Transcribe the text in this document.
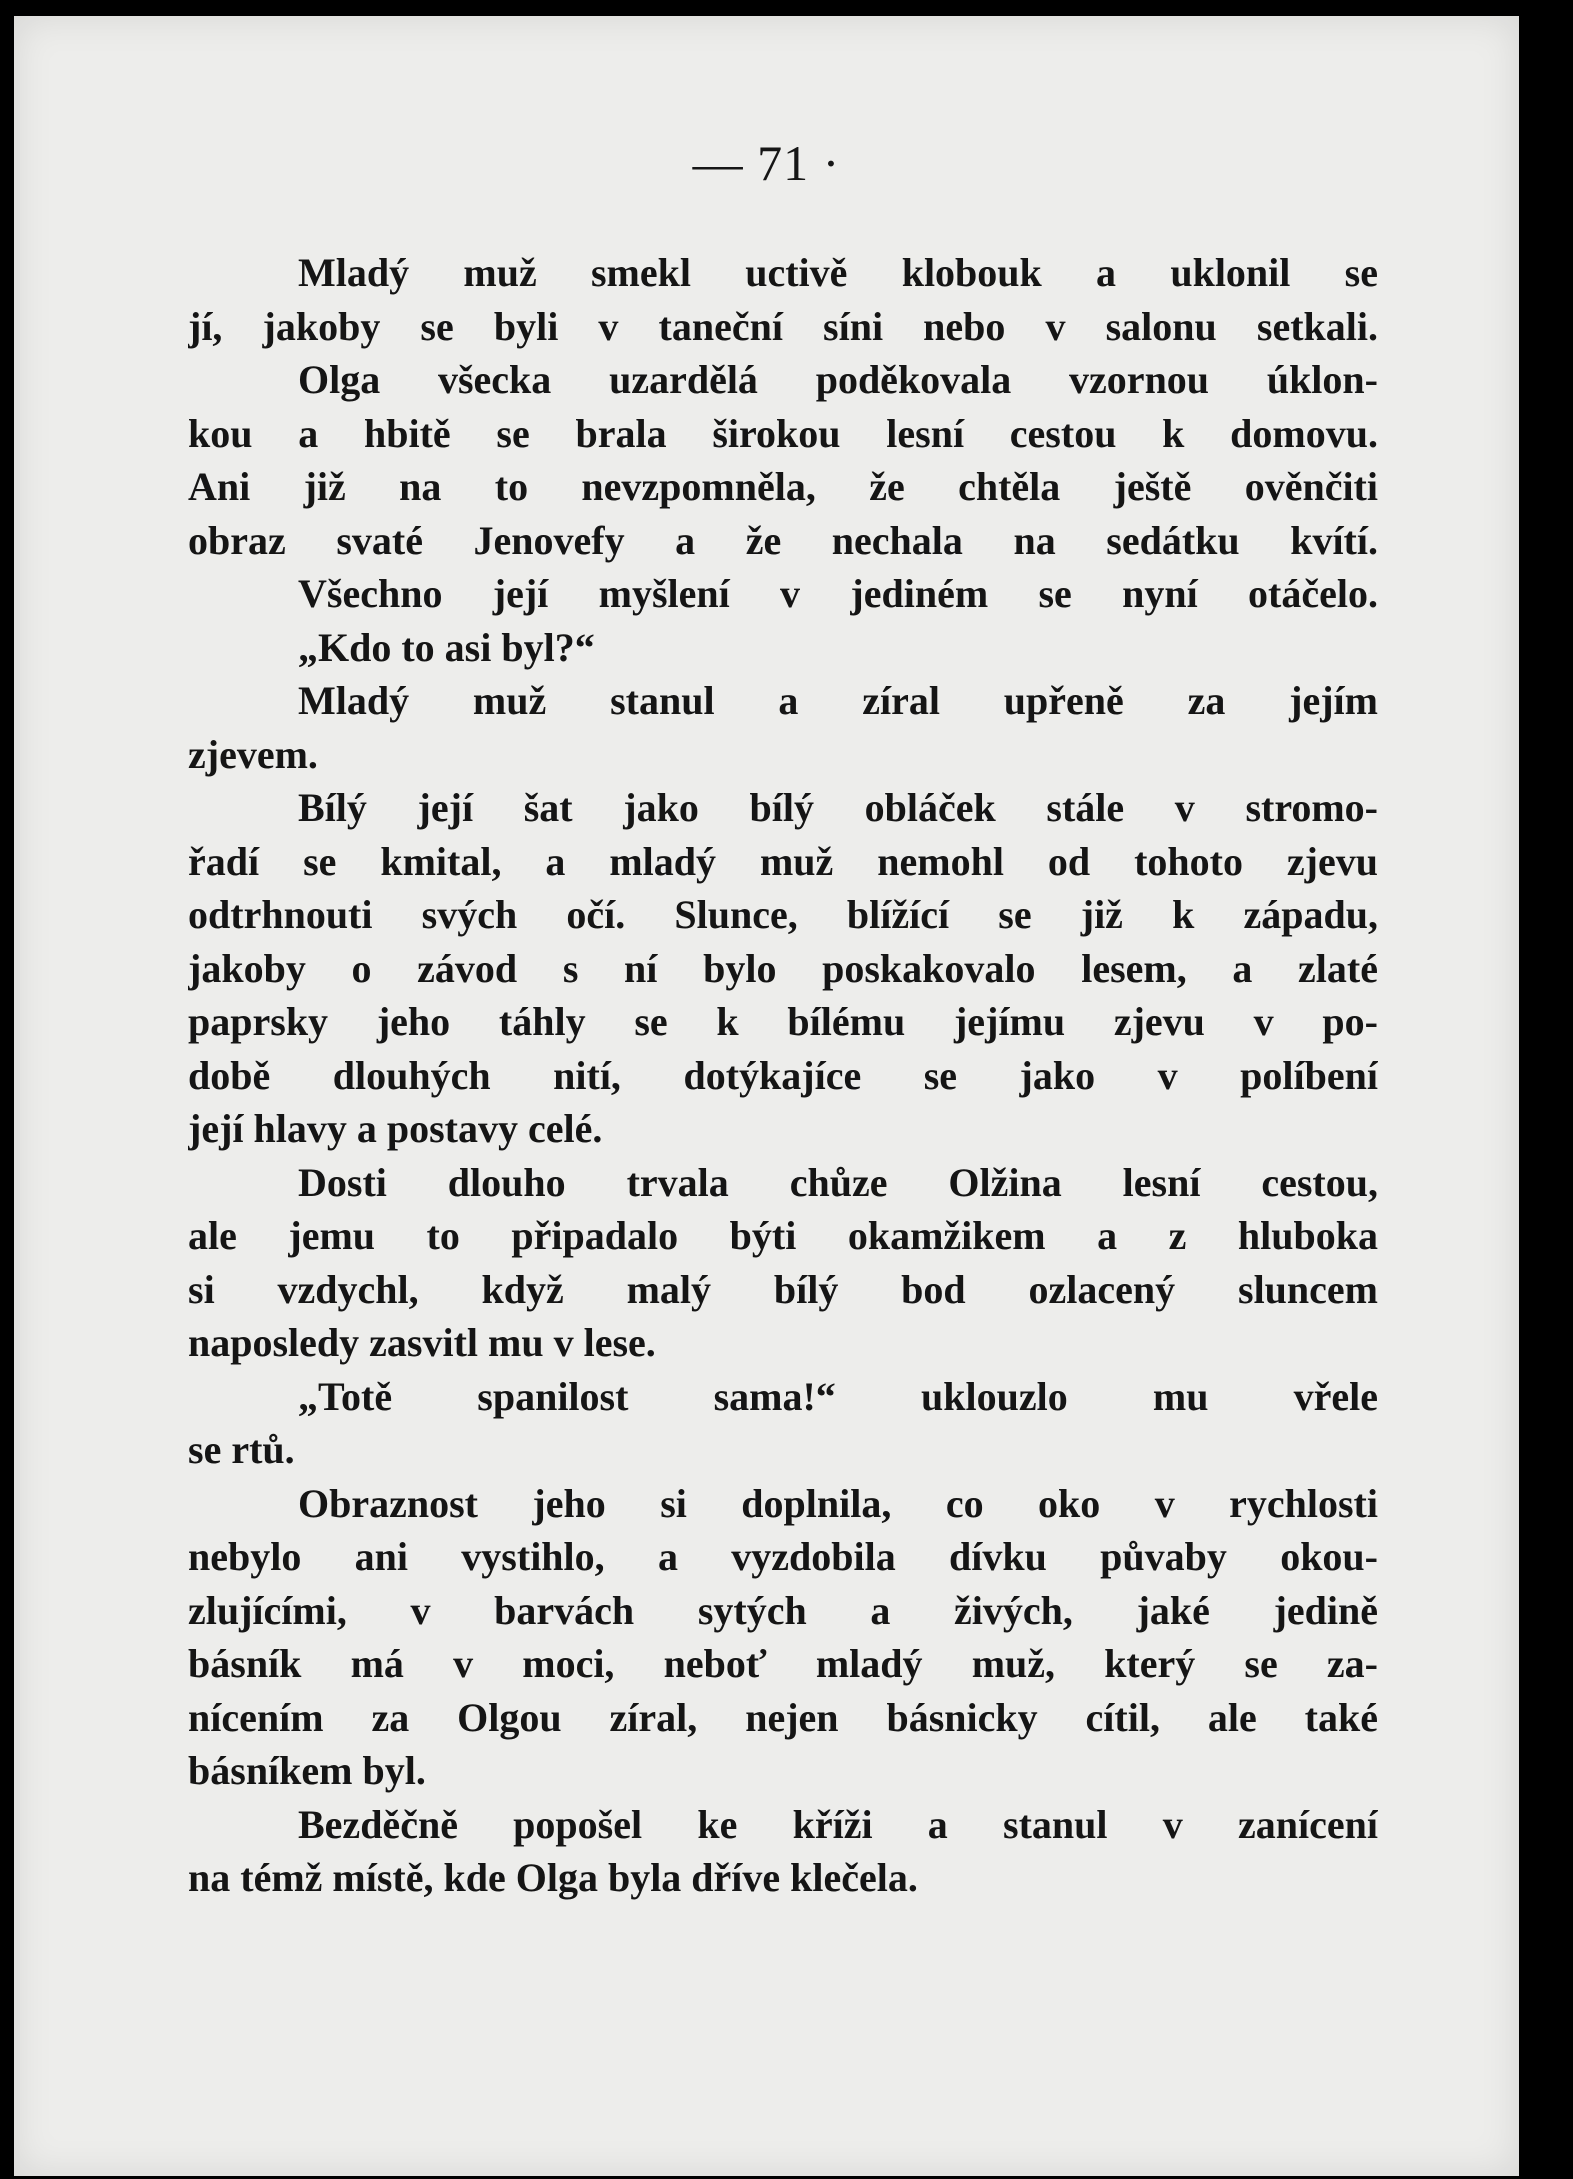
— 71 ·
Mladý muž smekl uctivě klobouk a uklonil se
jí, jakoby se byli v taneční síni nebo v salonu setkali.
Olga všecka uzardělá poděkovala vzornou úklon-
kou a hbitě se brala širokou lesní cestou k domovu.
Ani již na to nevzpomněla, že chtěla ještě ověnčiti
obraz svaté Jenovefy a že nechala na sedátku kvítí.
Všechno její myšlení v jediném se nyní otáčelo.
„Kdo to asi byl?“
Mladý muž stanul a zíral upřeně za jejím
zjevem.
Bílý její šat jako bílý obláček stále v stromo-
řadí se kmital, a mladý muž nemohl od tohoto zjevu
odtrhnouti svých očí. Slunce, blížící se již k západu,
jakoby o závod s ní bylo poskakovalo lesem, a zlaté
paprsky jeho táhly se k bílému jejímu zjevu v po-
době dlouhých nití, dotýkajíce se jako v políbení
její hlavy a postavy celé.
Dosti dlouho trvala chůze Olžina lesní cestou,
ale jemu to připadalo býti okamžikem a z hluboka
si vzdychl, když malý bílý bod ozlacený sluncem
naposledy zasvitl mu v lese.
„Totě spanilost sama!“ uklouzlo mu vřele
se rtů.
Obraznost jeho si doplnila, co oko v rychlosti
nebylo ani vystihlo, a vyzdobila dívku půvaby okou-
zlujícími, v barvách sytých a živých, jaké jedině
básník má v moci, neboť mladý muž, který se za-
nícením za Olgou zíral, nejen básnicky cítil, ale také
básníkem byl.
Bezděčně popošel ke kříži a stanul v zanícení
na témž místě, kde Olga byla dříve klečela.
